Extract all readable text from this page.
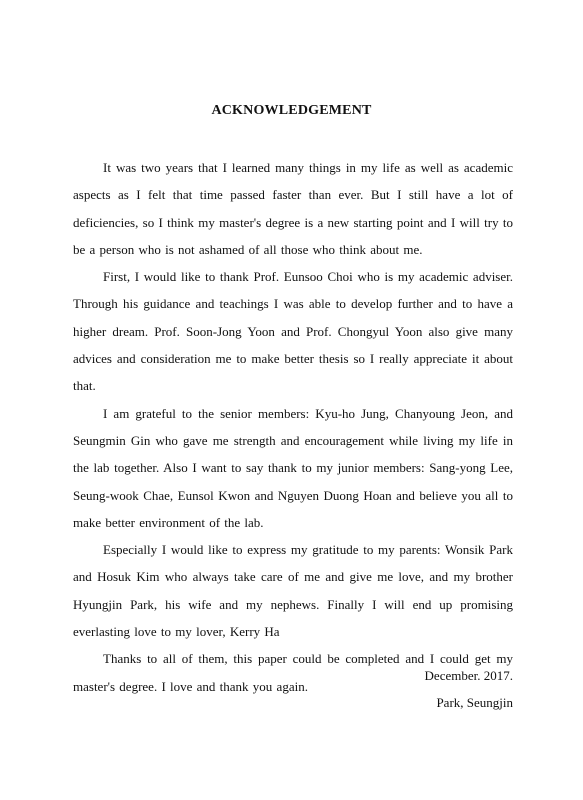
ACKNOWLEDGEMENT

It was two years that I learned many things in my life as well as academic aspects as I felt that time passed faster than ever. But I still have a lot of deficiencies, so I think my master's degree is a new starting point and I will try to be a person who is not ashamed of all those who think about me.

First, I would like to thank Prof. Eunsoo Choi who is my academic adviser. Through his guidance and teachings I was able to develop further and to have a higher dream. Prof. Soon-Jong Yoon and Prof. Chongyul Yoon also give many advices and consideration me to make better thesis so I really appreciate it about that.

I am grateful to the senior members: Kyu-ho Jung, Chanyoung Jeon, and Seungmin Gin who gave me strength and encouragement while living my life in the lab together. Also I want to say thank to my junior members: Sang-yong Lee, Seung-wook Chae, Eunsol Kwon and Nguyen Duong Hoan and believe you all to make better environment of the lab.

Especially I would like to express my gratitude to my parents: Wonsik Park and Hosuk Kim who always take care of me and give me love, and my brother Hyungjin Park, his wife and my nephews. Finally I will end up promising everlasting love to my lover, Kerry Ha

Thanks to all of them, this paper could be completed and I could get my master's degree. I love and thank you again.

December. 2017.

Park, Seungjin
